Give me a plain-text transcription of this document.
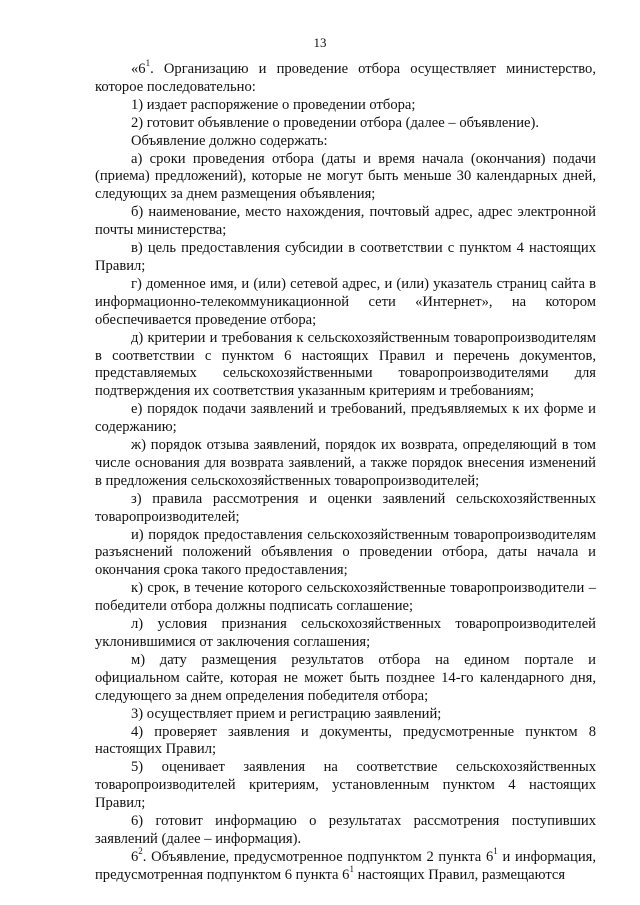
13

«$6^1$. Организацию и проведение отбора осуществляет министерство, которое последовательно:

1) издает распоряжение о проведении отбора;

2) готовит объявление о проведении отбора (далее – объявление).

Объявление должно содержать:

а) сроки проведения отбора (даты и время начала (окончания) подачи (приема) предложений), которые не могут быть меньше 30 календарных дней, следующих за днем размещения объявления;

б) наименование, место нахождения, почтовый адрес, адрес электронной почты министерства;

в) цель предоставления субсидии в соответствии с пунктом 4 настоящих Правил;

г) доменное имя, и (или) сетевой адрес, и (или) указатель страниц сайта в информационно-телекоммуникационной сети «Интернет», на котором обеспечивается проведение отбора;

д) критерии и требования к сельскохозяйственным товаропроизводителям в соответствии с пунктом 6 настоящих Правил и перечень документов, представляемых сельскохозяйственными товаропроизводителями для подтверждения их соответствия указанным критериям и требованиям;

е) порядок подачи заявлений и требований, предъявляемых к их форме и содержанию;

ж) порядок отзыва заявлений, порядок их возврата, определяющий в том числе основания для возврата заявлений, а также порядок внесения изменений в предложения сельскохозяйственных товаропроизводителей;

з) правила рассмотрения и оценки заявлений сельскохозяйственных товаропроизводителей;

и) порядок предоставления сельскохозяйственным товаропроизводителям разъяснений положений объявления о проведении отбора, даты начала и окончания срока такого предоставления;

к) срок, в течение которого сельскохозяйственные товаропроизводители – победители отбора должны подписать соглашение;

л) условия признания сельскохозяйственных товаропроизводителей уклонившимися от заключения соглашения;

м) дату размещения результатов отбора на едином портале и официальном сайте, которая не может быть позднее 14-го календарного дня, следующего за днем определения победителя отбора;

3) осуществляет прием и регистрацию заявлений;

4) проверяет заявления и документы, предусмотренные пунктом 8 настоящих Правил;

5) оценивает заявления на соответствие сельскохозяйственных товаропроизводителей критериям, установленным пунктом 4 настоящих Правил;

6) готовит информацию о результатах рассмотрения поступивших заявлений (далее – информация).

$6^2$. Объявление, предусмотренное подпунктом 2 пункта $6^1$ и информация, предусмотренная подпунктом 6 пункта $6^1$ настоящих Правил, размещаются
